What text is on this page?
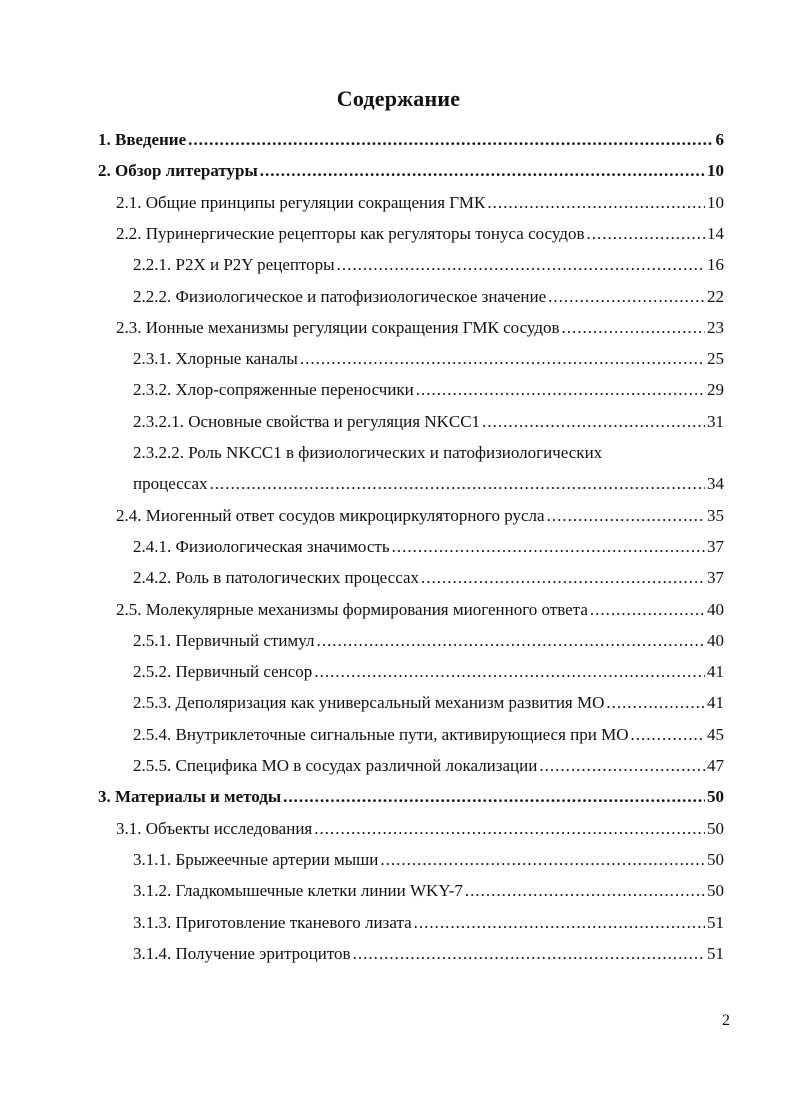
Содержание
1. Введение .....	6
2. Обзор литературы .....	10
2.1. Общие принципы регуляции сокращения ГМК .....	10
2.2. Пуринергические рецепторы как регуляторы тонуса сосудов .....	14
2.2.1. P2X и P2Y рецепторы .....	16
2.2.2. Физиологическое и патофизиологическое значение .....	22
2.3. Ионные механизмы регуляции сокращения ГМК сосудов .....	23
2.3.1. Хлорные каналы .....	25
2.3.2. Хлор-сопряженные переносчики .....	29
2.3.2.1. Основные свойства и регуляция NKCC1 .....	31
2.3.2.2. Роль NKCC1 в физиологических и патофизиологических
процессах .....	34
2.4. Миогенный ответ сосудов микроциркуляторного русла .....	35
2.4.1. Физиологическая значимость .....	37
2.4.2. Роль в патологических процессах .....	37
2.5. Молекулярные механизмы формирования миогенного ответа .....	40
2.5.1. Первичный стимул .....	40
2.5.2. Первичный сенсор .....	41
2.5.3. Деполяризация как универсальный механизм развития МО .....	41
2.5.4. Внутриклеточные сигнальные пути, активирующиеся при МО .....	45
2.5.5. Специфика МО в сосудах различной локализации .....	47
3. Материалы и методы .....	50
3.1. Объекты исследования .....	50
3.1.1. Брыжеечные артерии мыши .....	50
3.1.2. Гладкомышечные клетки линии WKY-7 .....	50
3.1.3. Приготовление тканевого лизата .....	51
3.1.4. Получение эритроцитов .....	51
2
